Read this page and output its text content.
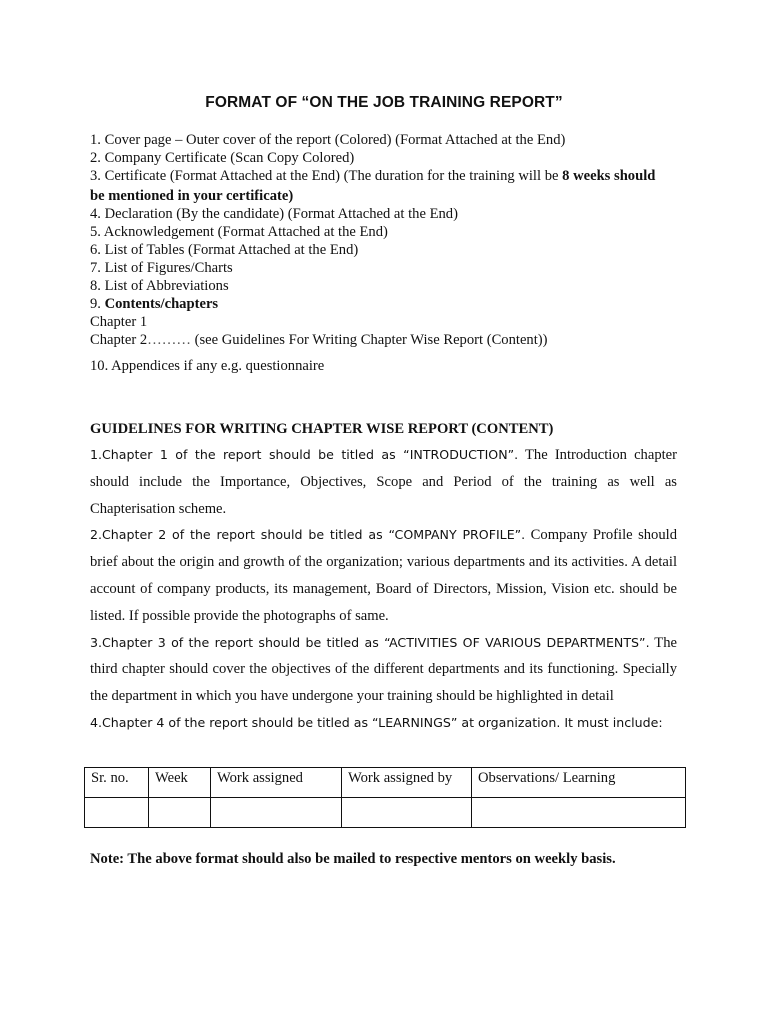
FORMAT OF “ON THE JOB TRAINING REPORT”
1. Cover page – Outer cover of the report (Colored) (Format Attached at the End)
2. Company Certificate (Scan Copy Colored)
3. Certificate (Format Attached at the End) (The duration for the training will be 8 weeks should
be mentioned in your certificate)
4. Declaration (By the candidate) (Format Attached at the End)
5. Acknowledgement (Format Attached at the End)
6. List of Tables (Format Attached at the End)
7. List of Figures/Charts
8. List of Abbreviations
9. Contents/chapters
Chapter 1
Chapter 2……… (see Guidelines For Writing Chapter Wise Report (Content))
10. Appendices if any e.g. questionnaire
GUIDELINES FOR WRITING CHAPTER WISE REPORT (CONTENT)
1.Chapter 1 of the report should be titled as “INTRODUCTION”. The Introduction chapter should include the Importance, Objectives, Scope and Period of the training as well as Chapterisation scheme.
2.Chapter 2 of the report should be titled as “COMPANY PROFILE”. Company Profile should brief about the origin and growth of the organization; various departments and its activities. A detail account of company products, its management, Board of Directors, Mission, Vision etc. should be listed. If possible provide the photographs of same.
3.Chapter 3 of the report should be titled as “ACTIVITIES OF VARIOUS DEPARTMENTS”. The third chapter should cover the objectives of the different departments and its functioning. Specially the department in which you have undergone your training should be highlighted in detail
4.Chapter 4 of the report should be titled as “LEARNINGS” at organization. It must include:
Sr. no.	Week	Work assigned	Work assigned by	Observations/ Learning

Note: The above format should also be mailed to respective mentors on weekly basis.
